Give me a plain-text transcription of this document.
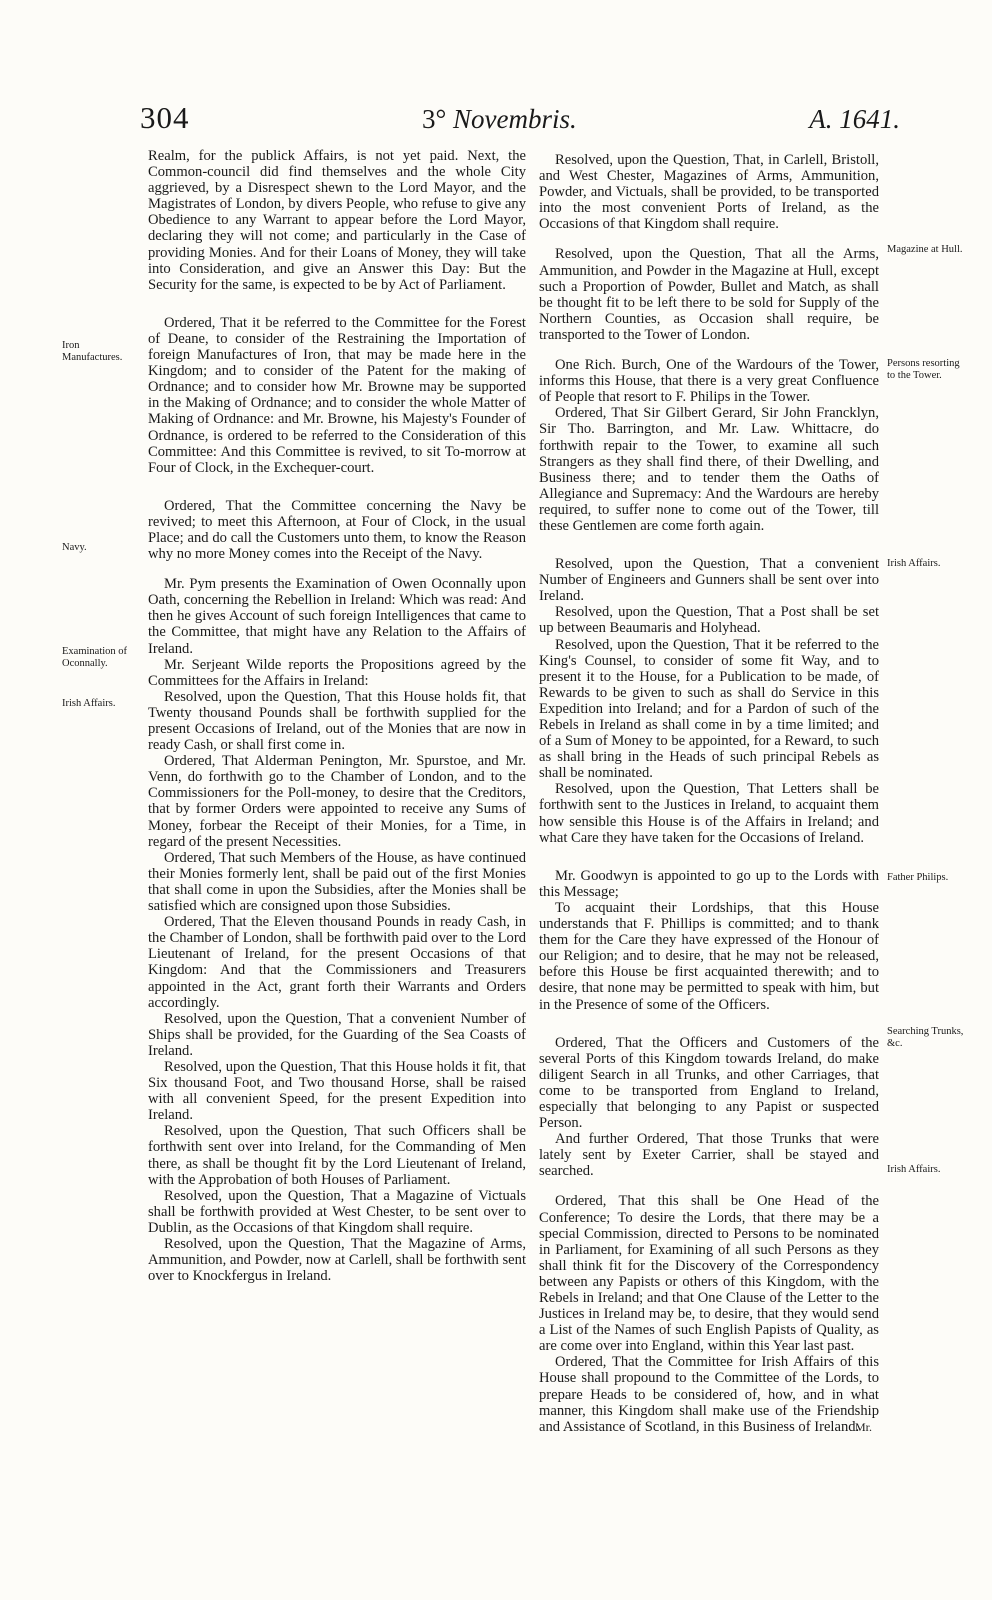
304	3° Novembris.	A. 1641.
Iron Manufactures.
Navy.
Examination of Oconnally.
Irish Affairs.
Magazine at Hull.
Persons resorting to the Tower.
Irish Affairs.
Father Philips.
Searching Trunks, &c.
Irish Affairs.

Realm, for the publick Affairs, is not yet paid. Next, the Common-council did find themselves and the whole City aggrieved, by a Disrespect shewn to the Lord Mayor, and the Magistrates of London, by divers People, who refuse to give any Obedience to any Warrant to appear before the Lord Mayor, declaring they will not come; and particularly in the Case of providing Monies. And for their Loans of Money, they will take into Consideration, and give an Answer this Day: But the Security for the same, is expected to be by Act of Parliament.

Ordered, That it be referred to the Committee for the Forest of Deane, to consider of the Restraining the Importation of foreign Manufactures of Iron, that may be made here in the Kingdom; and to consider of the Patent for the making of Ordnance; and to consider how Mr. Browne may be supported in the Making of Ordnance; and to consider the whole Matter of Making of Ordnance: and Mr. Browne, his Majesty's Founder of Ordnance, is ordered to be referred to the Consideration of this Committee: And this Committee is revived, to sit To-morrow at Four of Clock, in the Exchequer-court.

Ordered, That the Committee concerning the Navy be revived; to meet this Afternoon, at Four of Clock, in the usual Place; and do call the Customers unto them, to know the Reason why no more Money comes into the Receipt of the Navy.

Mr. Pym presents the Examination of Owen Oconnally upon Oath, concerning the Rebellion in Ireland: Which was read: And then he gives Account of such foreign Intelligences that came to the Committee, that might have any Relation to the Affairs of Ireland.

Mr. Serjeant Wilde reports the Propositions agreed by the Committees for the Affairs in Ireland:

Resolved, upon the Question, That this House holds fit, that Twenty thousand Pounds shall be forthwith supplied for the present Occasions of Ireland, out of the Monies that are now in ready Cash, or shall first come in.

Ordered, That Alderman Penington, Mr. Spurstoe, and Mr. Venn, do forthwith go to the Chamber of London, and to the Commissioners for the Poll-money, to desire that the Creditors, that by former Orders were appointed to receive any Sums of Money, forbear the Receipt of their Monies, for a Time, in regard of the present Necessities.

Ordered, That such Members of the House, as have continued their Monies formerly lent, shall be paid out of the first Monies that shall come in upon the Subsidies, after the Monies shall be satisfied which are consigned upon those Subsidies.

Ordered, That the Eleven thousand Pounds in ready Cash, in the Chamber of London, shall be forthwith paid over to the Lord Lieutenant of Ireland, for the present Occasions of that Kingdom: And that the Commissioners and Treasurers appointed in the Act, grant forth their Warrants and Orders accordingly.

Resolved, upon the Question, That a convenient Number of Ships shall be provided, for the Guarding of the Sea Coasts of Ireland.

Resolved, upon the Question, That this House holds it fit, that Six thousand Foot, and Two thousand Horse, shall be raised with all convenient Speed, for the present Expedition into Ireland.

Resolved, upon the Question, That such Officers shall be forthwith sent over into Ireland, for the Commanding of Men there, as shall be thought fit by the Lord Lieutenant of Ireland, with the Approbation of both Houses of Parliament.

Resolved, upon the Question, That a Magazine of Victuals shall be forthwith provided at West Chester, to be sent over to Dublin, as the Occasions of that Kingdom shall require.

Resolved, upon the Question, That the Magazine of Arms, Ammunition, and Powder, now at Carlell, shall be forthwith sent over to Knockfergus in Ireland.

Resolved, upon the Question, That, in Carlell, Bristoll, and West Chester, Magazines of Arms, Ammunition, Powder, and Victuals, shall be provided, to be transported into the most convenient Ports of Ireland, as the Occasions of that Kingdom shall require.

Resolved, upon the Question, That all the Arms, Ammunition, and Powder in the Magazine at Hull, except such a Proportion of Powder, Bullet and Match, as shall be thought fit to be left there to be sold for Supply of the Northern Counties, as Occasion shall require, be transported to the Tower of London.

One Rich. Burch, One of the Wardours of the Tower, informs this House, that there is a very great Confluence of People that resort to F. Philips in the Tower.

Ordered, That Sir Gilbert Gerard, Sir John Francklyn, Sir Tho. Barrington, and Mr. Law. Whittacre, do forthwith repair to the Tower, to examine all such Strangers as they shall find there, of their Dwelling, and Business there; and to tender them the Oaths of Allegiance and Supremacy: And the Wardours are hereby required, to suffer none to come out of the Tower, till these Gentlemen are come forth again.

Resolved, upon the Question, That a convenient Number of Engineers and Gunners shall be sent over into Ireland.

Resolved, upon the Question, That a Post shall be set up between Beaumaris and Holyhead.

Resolved, upon the Question, That it be referred to the King's Counsel, to consider of some fit Way, and to present it to the House, for a Publication to be made, of Rewards to be given to such as shall do Service in this Expedition into Ireland; and for a Pardon of such of the Rebels in Ireland as shall come in by a time limited; and of a Sum of Money to be appointed, for a Reward, to such as shall bring in the Heads of such principal Rebels as shall be nominated.

Resolved, upon the Question, That Letters shall be forthwith sent to the Justices in Ireland, to acquaint them how sensible this House is of the Affairs in Ireland; and what Care they have taken for the Occasions of Ireland.

Mr. Goodwyn is appointed to go up to the Lords with this Message;

To acquaint their Lordships, that this House understands that F. Phillips is committed; and to thank them for the Care they have expressed of the Honour of our Religion; and to desire, that he may not be released, before this House be first acquainted therewith; and to desire, that none may be permitted to speak with him, but in the Presence of some of the Officers.

Ordered, That the Officers and Customers of the several Ports of this Kingdom towards Ireland, do make diligent Search in all Trunks, and other Carriages, that come to be transported from England to Ireland, especially that belonging to any Papist or suspected Person.

And further Ordered, That those Trunks that were lately sent by Exeter Carrier, shall be stayed and searched.

Ordered, That this shall be One Head of the Conference; To desire the Lords, that there may be a special Commission, directed to Persons to be nominated in Parliament, for Examining of all such Persons as they shall think fit for the Discovery of the Correspondency between any Papists or others of this Kingdom, with the Rebels in Ireland; and that One Clause of the Letter to the Justices in Ireland may be, to desire, that they would send a List of the Names of such English Papists of Quality, as are come over into England, within this Year last past.

Ordered, That the Committee for Irish Affairs of this House shall propound to the Committee of the Lords, to prepare Heads to be considered of, how, and in what manner, this Kingdom shall make use of the Friendship and Assistance of Scotland, in this Business of Ireland.

Mr.
